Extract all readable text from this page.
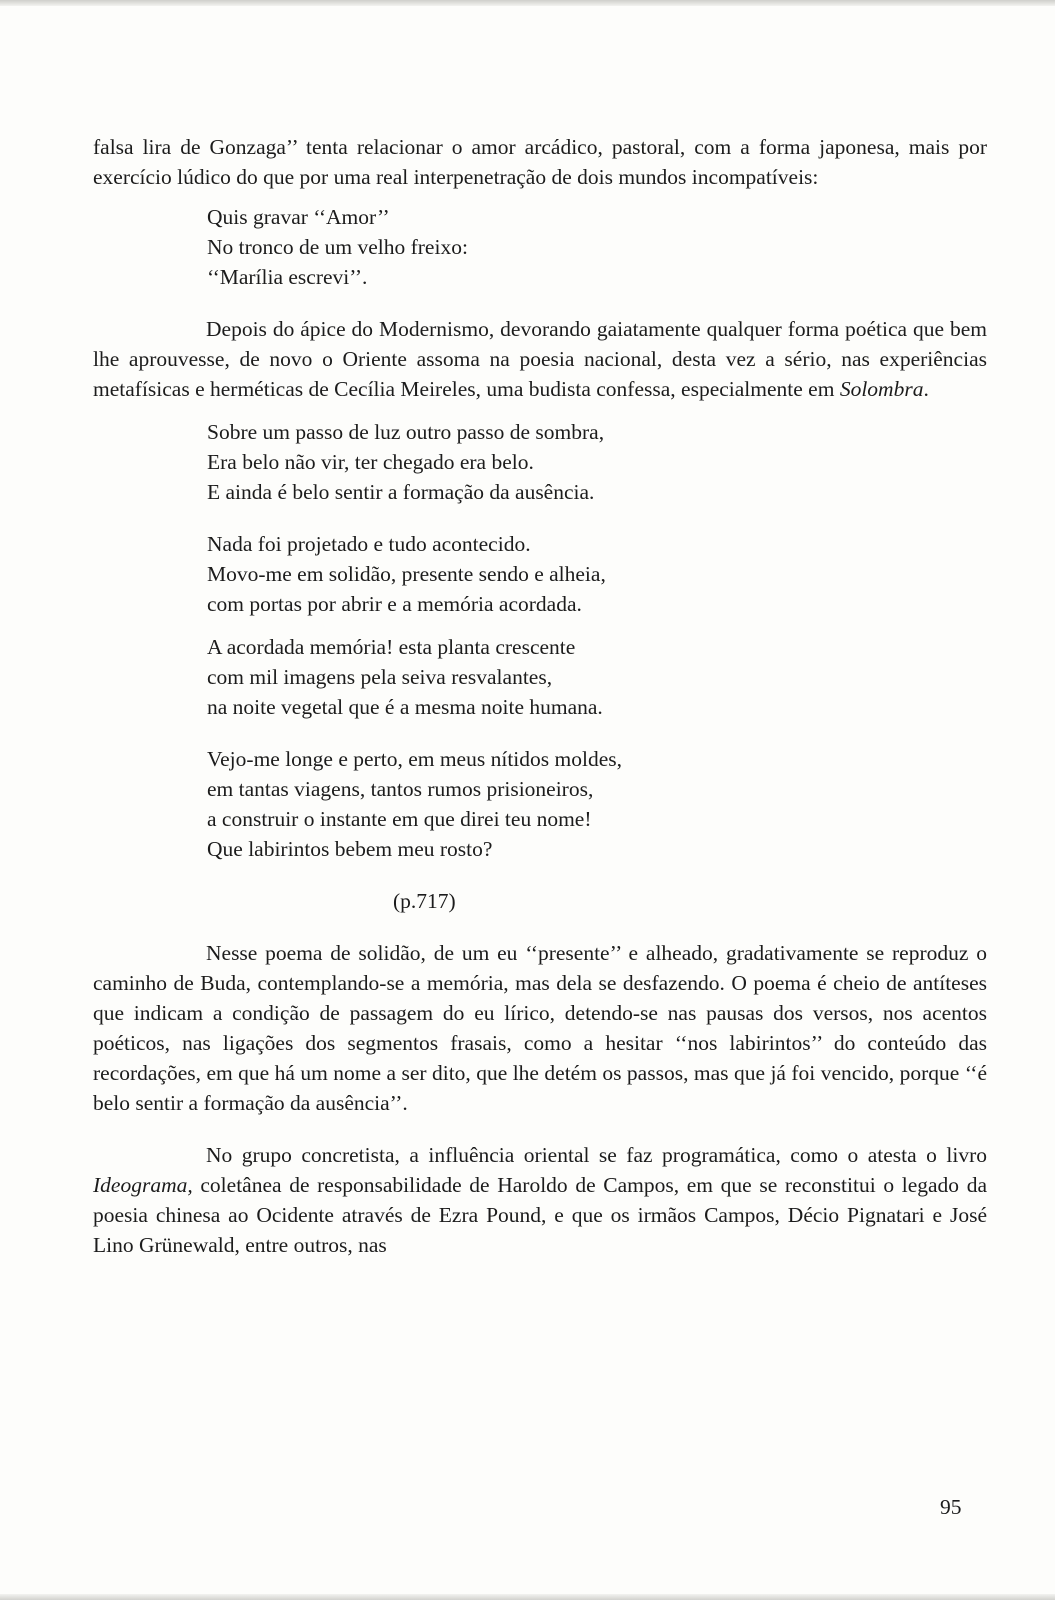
falsa lira de Gonzaga’’ tenta relacionar o amor arcádico, pastoral, com a forma japonesa, mais por exercício lúdico do que por uma real interpenetração de dois mundos incompatíveis:

Quis gravar ‘‘Amor’’
No tronco de um velho freixo:
‘‘Marília escrevi’’.

Depois do ápice do Modernismo, devorando gaiatamente qualquer forma poética que bem lhe aprouvesse, de novo o Oriente assoma na poesia nacional, desta vez a sério, nas experiências metafísicas e herméticas de Cecília Meireles, uma budista confessa, especialmente em Solombra.

Sobre um passo de luz outro passo de sombra,
Era belo não vir, ter chegado era belo.
E ainda é belo sentir a formação da ausência.
Nada foi projetado e tudo acontecido.
Movo-me em solidão, presente sendo e alheia,
com portas por abrir e a memória acordada.
A acordada memória! esta planta crescente
com mil imagens pela seiva resvalantes,
na noite vegetal que é a mesma noite humana.
Vejo-me longe e perto, em meus nítidos moldes,
em tantas viagens, tantos rumos prisioneiros,
a construir o instante em que direi teu nome!
Que labirintos bebem meu rosto?
(p.717)

Nesse poema de solidão, de um eu ‘‘presente’’ e alheado, gradativamente se reproduz o caminho de Buda, contemplando-se a memória, mas dela se desfazendo. O poema é cheio de antíteses que indicam a condição de passagem do eu lírico, detendo-se nas pausas dos versos, nos acentos poéticos, nas ligações dos segmentos frasais, como a hesitar ‘‘nos labirintos’’ do conteúdo das recordações, em que há um nome a ser dito, que lhe detém os passos, mas que já foi vencido, porque ‘‘é belo sentir a formação da ausência’’.

No grupo concretista, a influência oriental se faz programática, como o atesta o livro Ideograma, coletânea de responsabilidade de Haroldo de Campos, em que se reconstitui o legado da poesia chinesa ao Ocidente através de Ezra Pound, e que os irmãos Campos, Décio Pignatari e José Lino Grünewald, entre outros, nas

95
